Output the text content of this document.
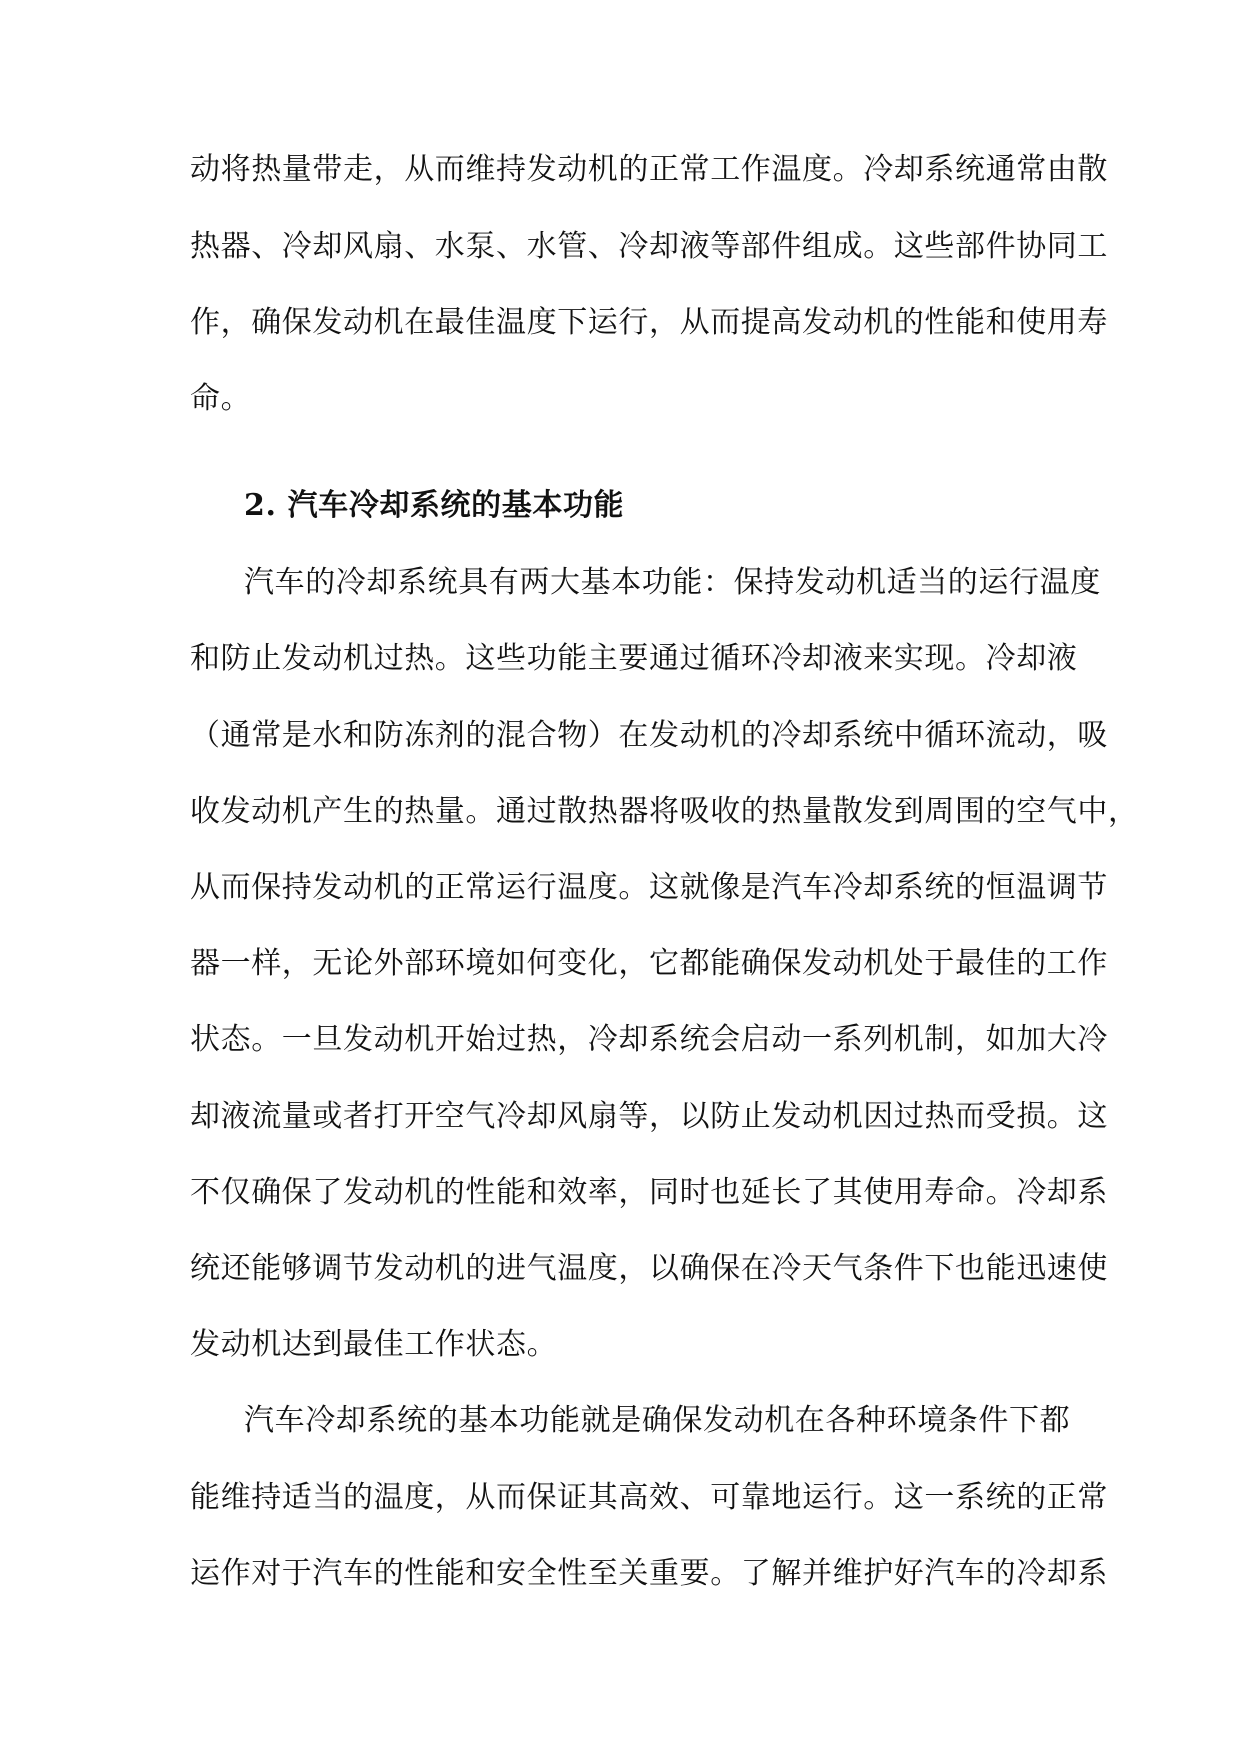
动将热量带走，从而维持发动机的正常工作温度。冷却系统通常由散
热器、冷却风扇、水泵、水管、冷却液等部件组成。这些部件协同工
作，确保发动机在最佳温度下运行，从而提高发动机的性能和使用寿
命。
2. 汽车冷却系统的基本功能
汽车的冷却系统具有两大基本功能：保持发动机适当的运行温度
和防止发动机过热。这些功能主要通过循环冷却液来实现。冷却液
（通常是水和防冻剂的混合物）在发动机的冷却系统中循环流动，吸
收发动机产生的热量。通过散热器将吸收的热量散发到周围的空气中，
从而保持发动机的正常运行温度。这就像是汽车冷却系统的恒温调节
器一样，无论外部环境如何变化，它都能确保发动机处于最佳的工作
状态。一旦发动机开始过热，冷却系统会启动一系列机制，如加大冷
却液流量或者打开空气冷却风扇等，以防止发动机因过热而受损。这
不仅确保了发动机的性能和效率，同时也延长了其使用寿命。冷却系
统还能够调节发动机的进气温度，以确保在冷天气条件下也能迅速使
发动机达到最佳工作状态。
汽车冷却系统的基本功能就是确保发动机在各种环境条件下都
能维持适当的温度，从而保证其高效、可靠地运行。这一系统的正常
运作对于汽车的性能和安全性至关重要。了解并维护好汽车的冷却系
